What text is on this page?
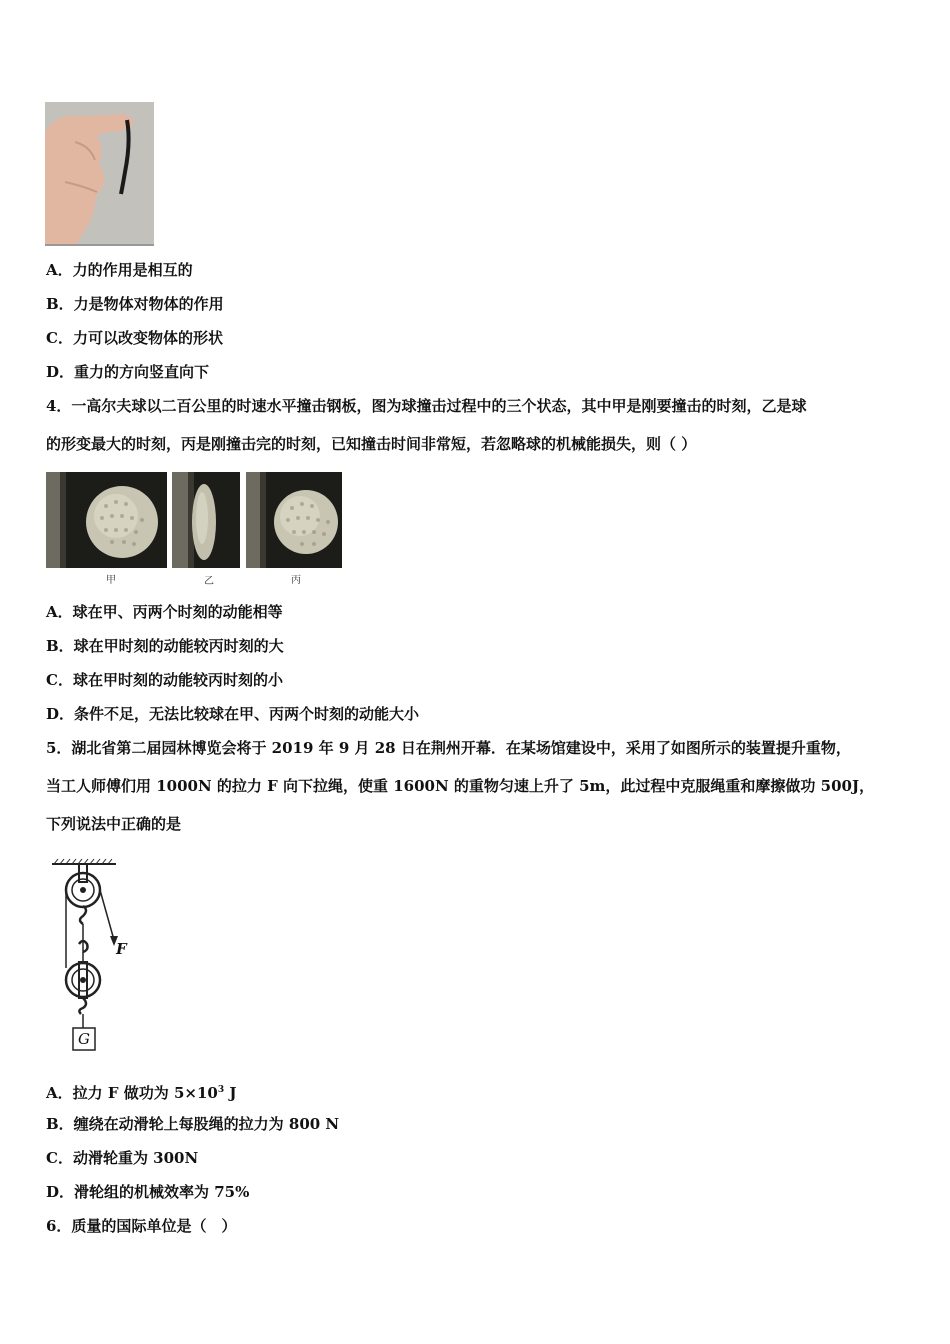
A．力的作用是相互的
B．力是物体对物体的作用
C．力可以改变物体的形状
D．重力的方向竖直向下
4．一高尔夫球以二百公里的时速水平撞击钢板，图为球撞击过程中的三个状态，其中甲是刚要撞击的时刻，乙是球
的形变最大的时刻，丙是刚撞击完的时刻，已知撞击时间非常短，若忽略球的机械能损失，则（ ）
甲	乙	丙
A．球在甲、丙两个时刻的动能相等
B．球在甲时刻的动能较丙时刻的大
C．球在甲时刻的动能较丙时刻的小
D．条件不足，无法比较球在甲、丙两个时刻的动能大小
5．湖北省第二届园林博览会将于 2019 年 9 月 28 日在荆州开幕．在某场馆建设中，采用了如图所示的装置提升重物，
当工人师傅们用 1000N 的拉力 F 向下拉绳，使重 1600N 的重物匀速上升了 5m，此过程中克服绳重和摩擦做功 500J，
下列说法中正确的是
F
G
A．拉力 F 做功为 $5\times 10^3$ J
B．缠绕在动滑轮上每股绳的拉力为 800 N
C．动滑轮重为 300N
D．滑轮组的机械效率为 75%
6．质量的国际单位是（　）
